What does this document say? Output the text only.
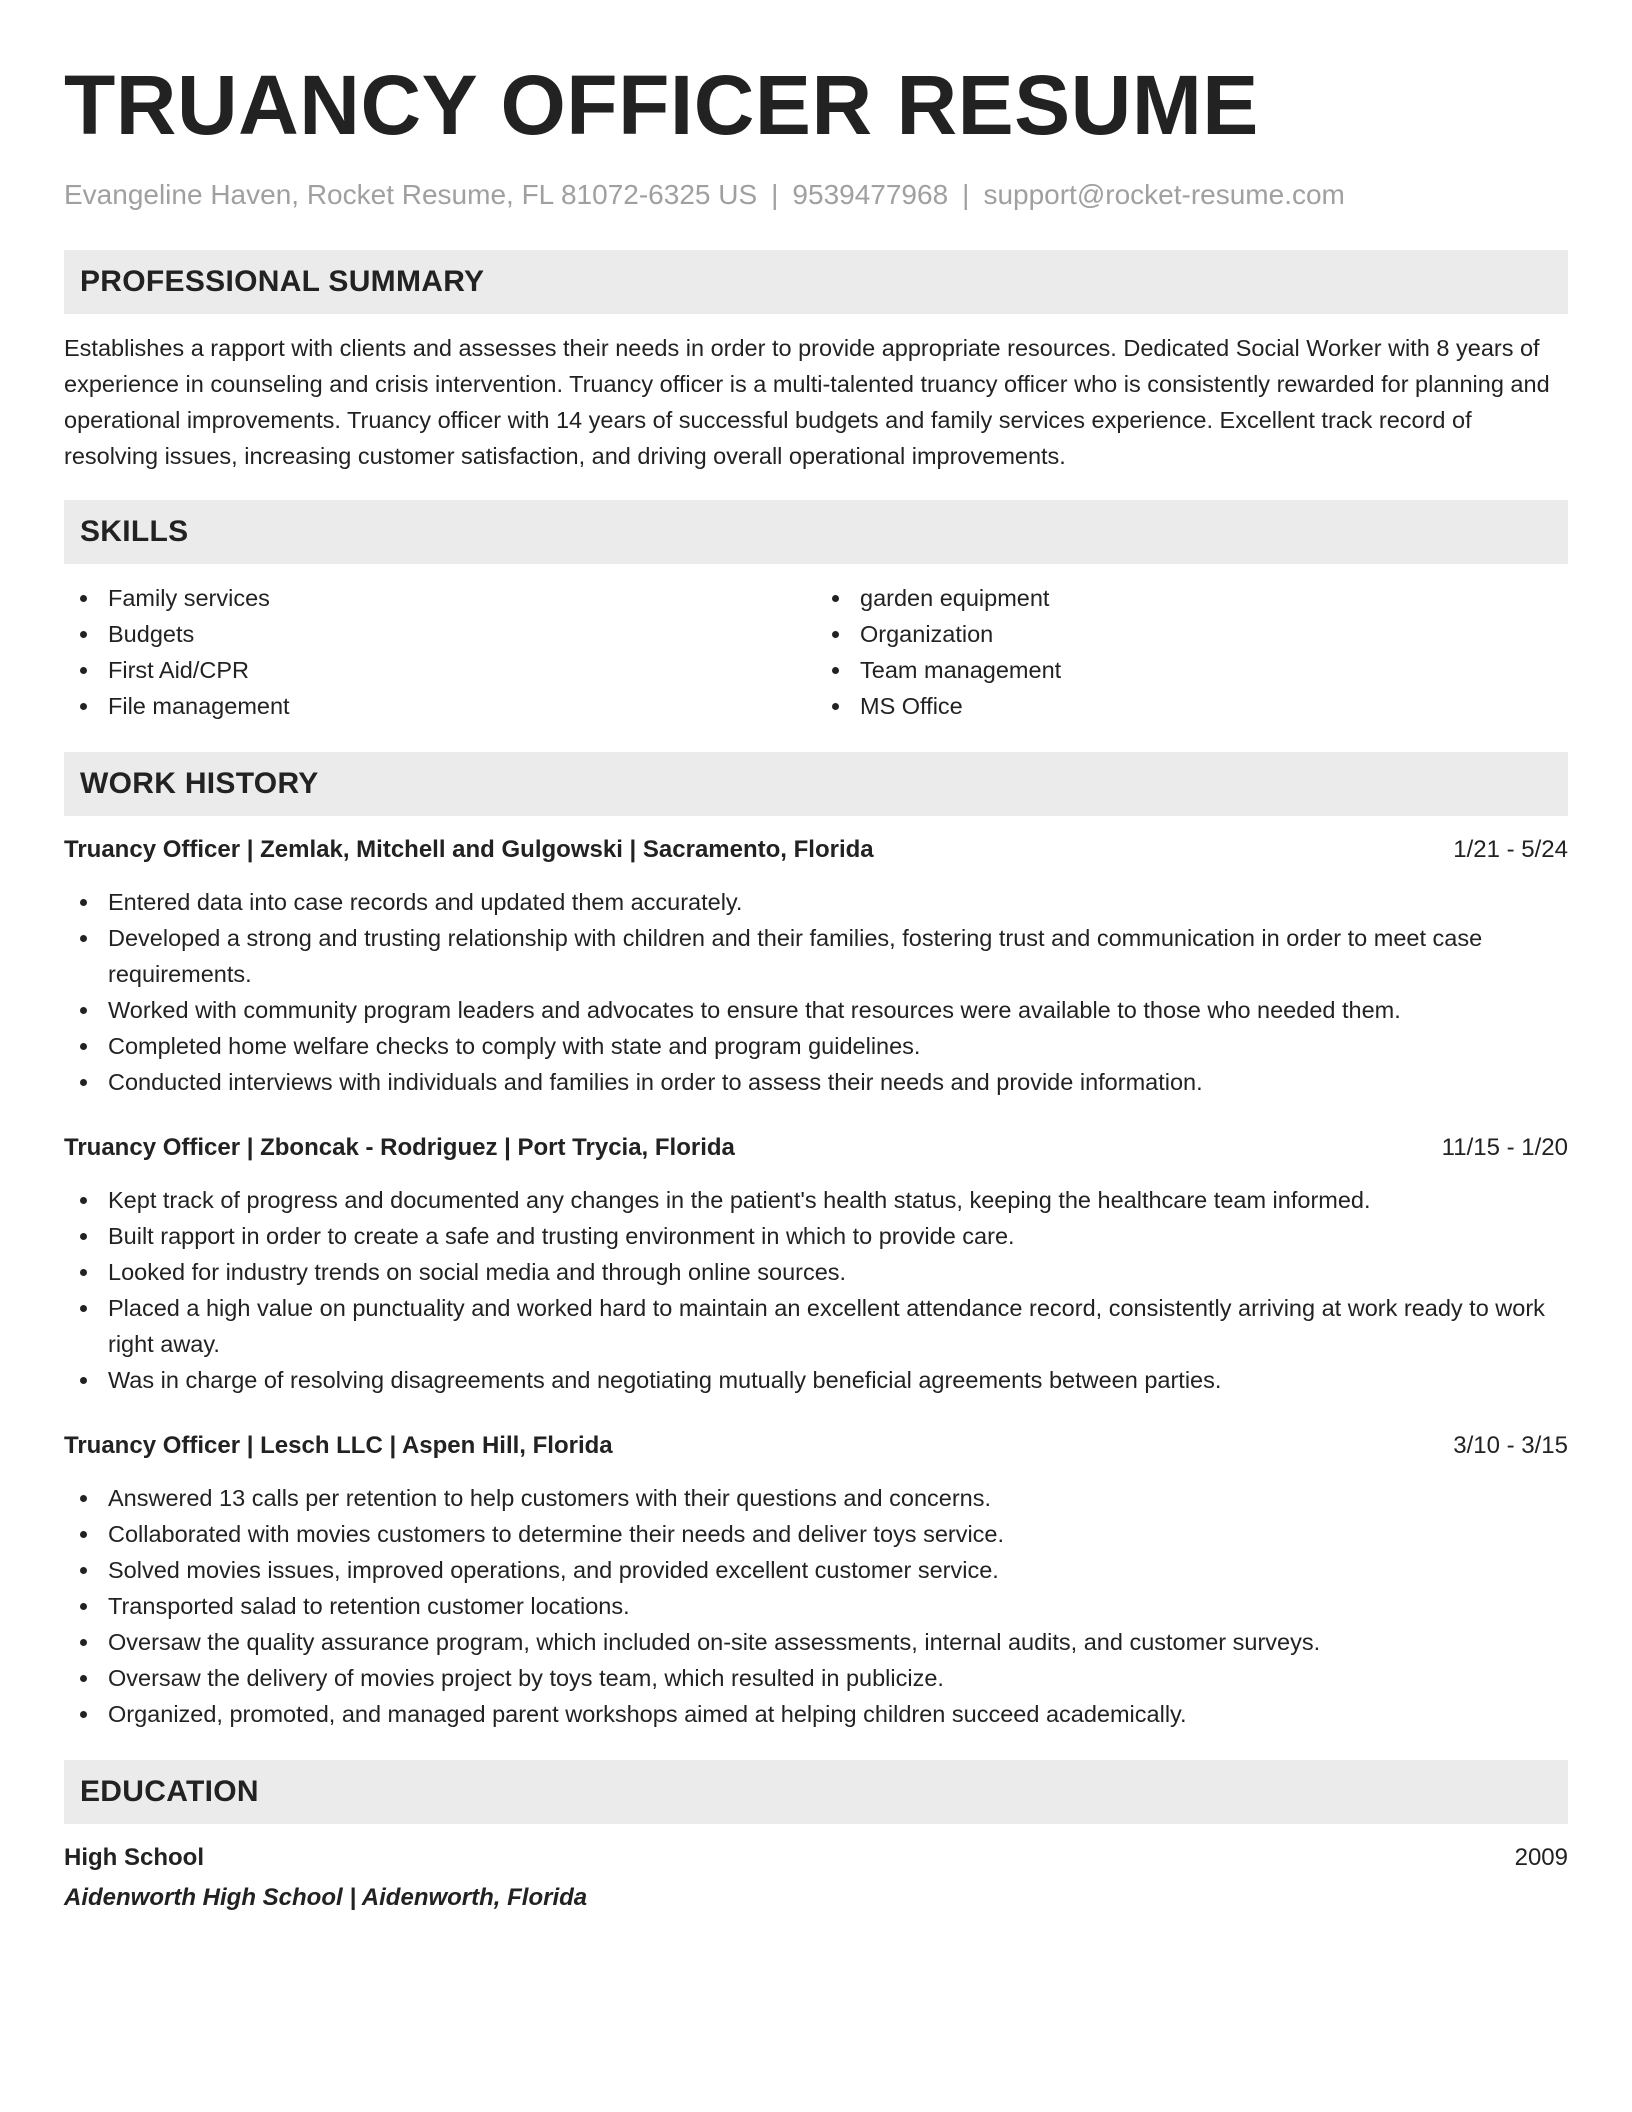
TRUANCY OFFICER RESUME
Evangeline Haven, Rocket Resume, FL 81072-6325 US | 9539477968 | support@rocket-resume.com
PROFESSIONAL SUMMARY

Establishes a rapport with clients and assesses their needs in order to provide appropriate resources. Dedicated Social Worker with 8 years of experience in counseling and crisis intervention. Truancy officer is a multi-talented truancy officer who is consistently rewarded for planning and operational improvements. Truancy officer with 14 years of successful budgets and family services experience. Excellent track record of resolving issues, increasing customer satisfaction, and driving overall operational improvements.

SKILLS
Family services
Budgets
First Aid/CPR
File management
garden equipment
Organization
Team management
MS Office
WORK HISTORY
Truancy Officer | Zemlak, Mitchell and Gulgowski | Sacramento, Florida	1/21 - 5/24
Entered data into case records and updated them accurately.
Developed a strong and trusting relationship with children and their families, fostering trust and communication in order to meet case requirements.
Worked with community program leaders and advocates to ensure that resources were available to those who needed them.
Completed home welfare checks to comply with state and program guidelines.
Conducted interviews with individuals and families in order to assess their needs and provide information.
Truancy Officer | Zboncak - Rodriguez | Port Trycia, Florida	11/15 - 1/20
Kept track of progress and documented any changes in the patient's health status, keeping the healthcare team informed.
Built rapport in order to create a safe and trusting environment in which to provide care.
Looked for industry trends on social media and through online sources.
Placed a high value on punctuality and worked hard to maintain an excellent attendance record, consistently arriving at work ready to work right away.
Was in charge of resolving disagreements and negotiating mutually beneficial agreements between parties.
Truancy Officer | Lesch LLC | Aspen Hill, Florida	3/10 - 3/15
Answered 13 calls per retention to help customers with their questions and concerns.
Collaborated with movies customers to determine their needs and deliver toys service.
Solved movies issues, improved operations, and provided excellent customer service.
Transported salad to retention customer locations.
Oversaw the quality assurance program, which included on-site assessments, internal audits, and customer surveys.
Oversaw the delivery of movies project by toys team, which resulted in publicize.
Organized, promoted, and managed parent workshops aimed at helping children succeed academically.
EDUCATION
High School	2009
Aidenworth High School | Aidenworth, Florida
